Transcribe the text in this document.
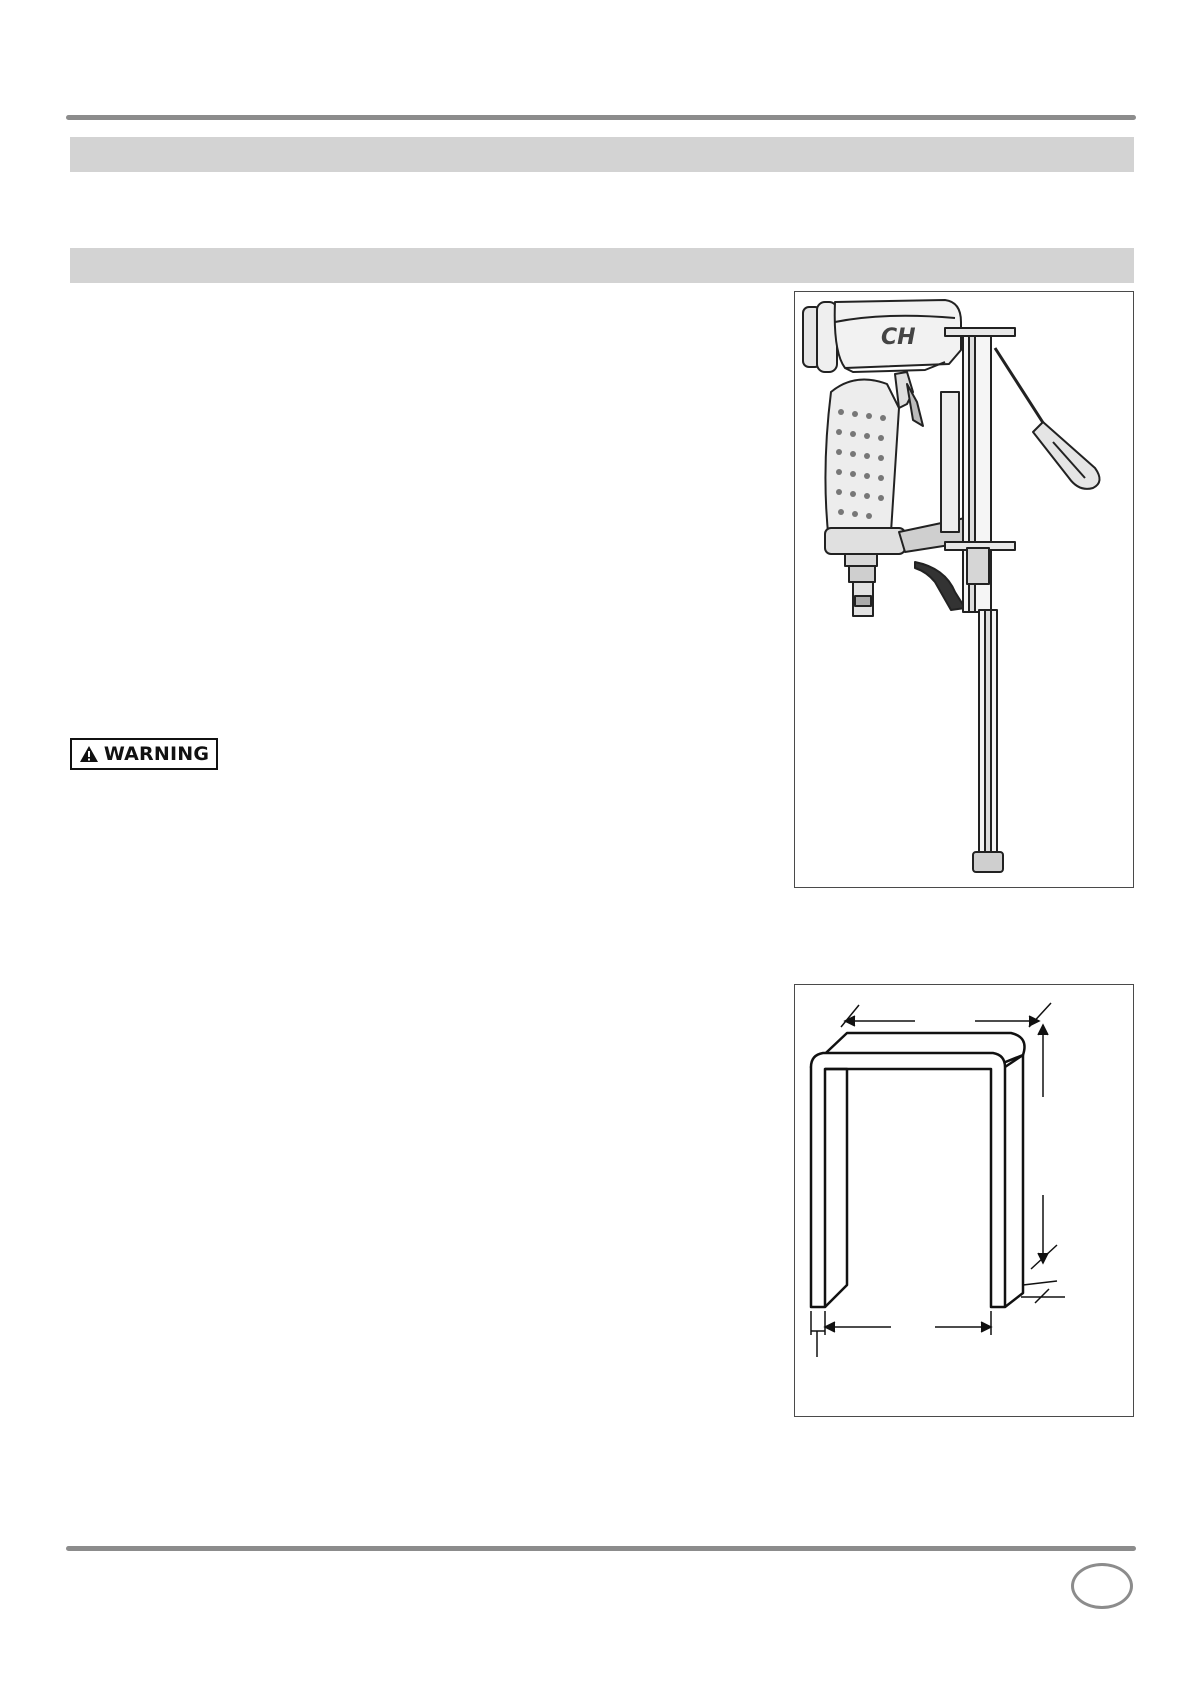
CH
WARNING
